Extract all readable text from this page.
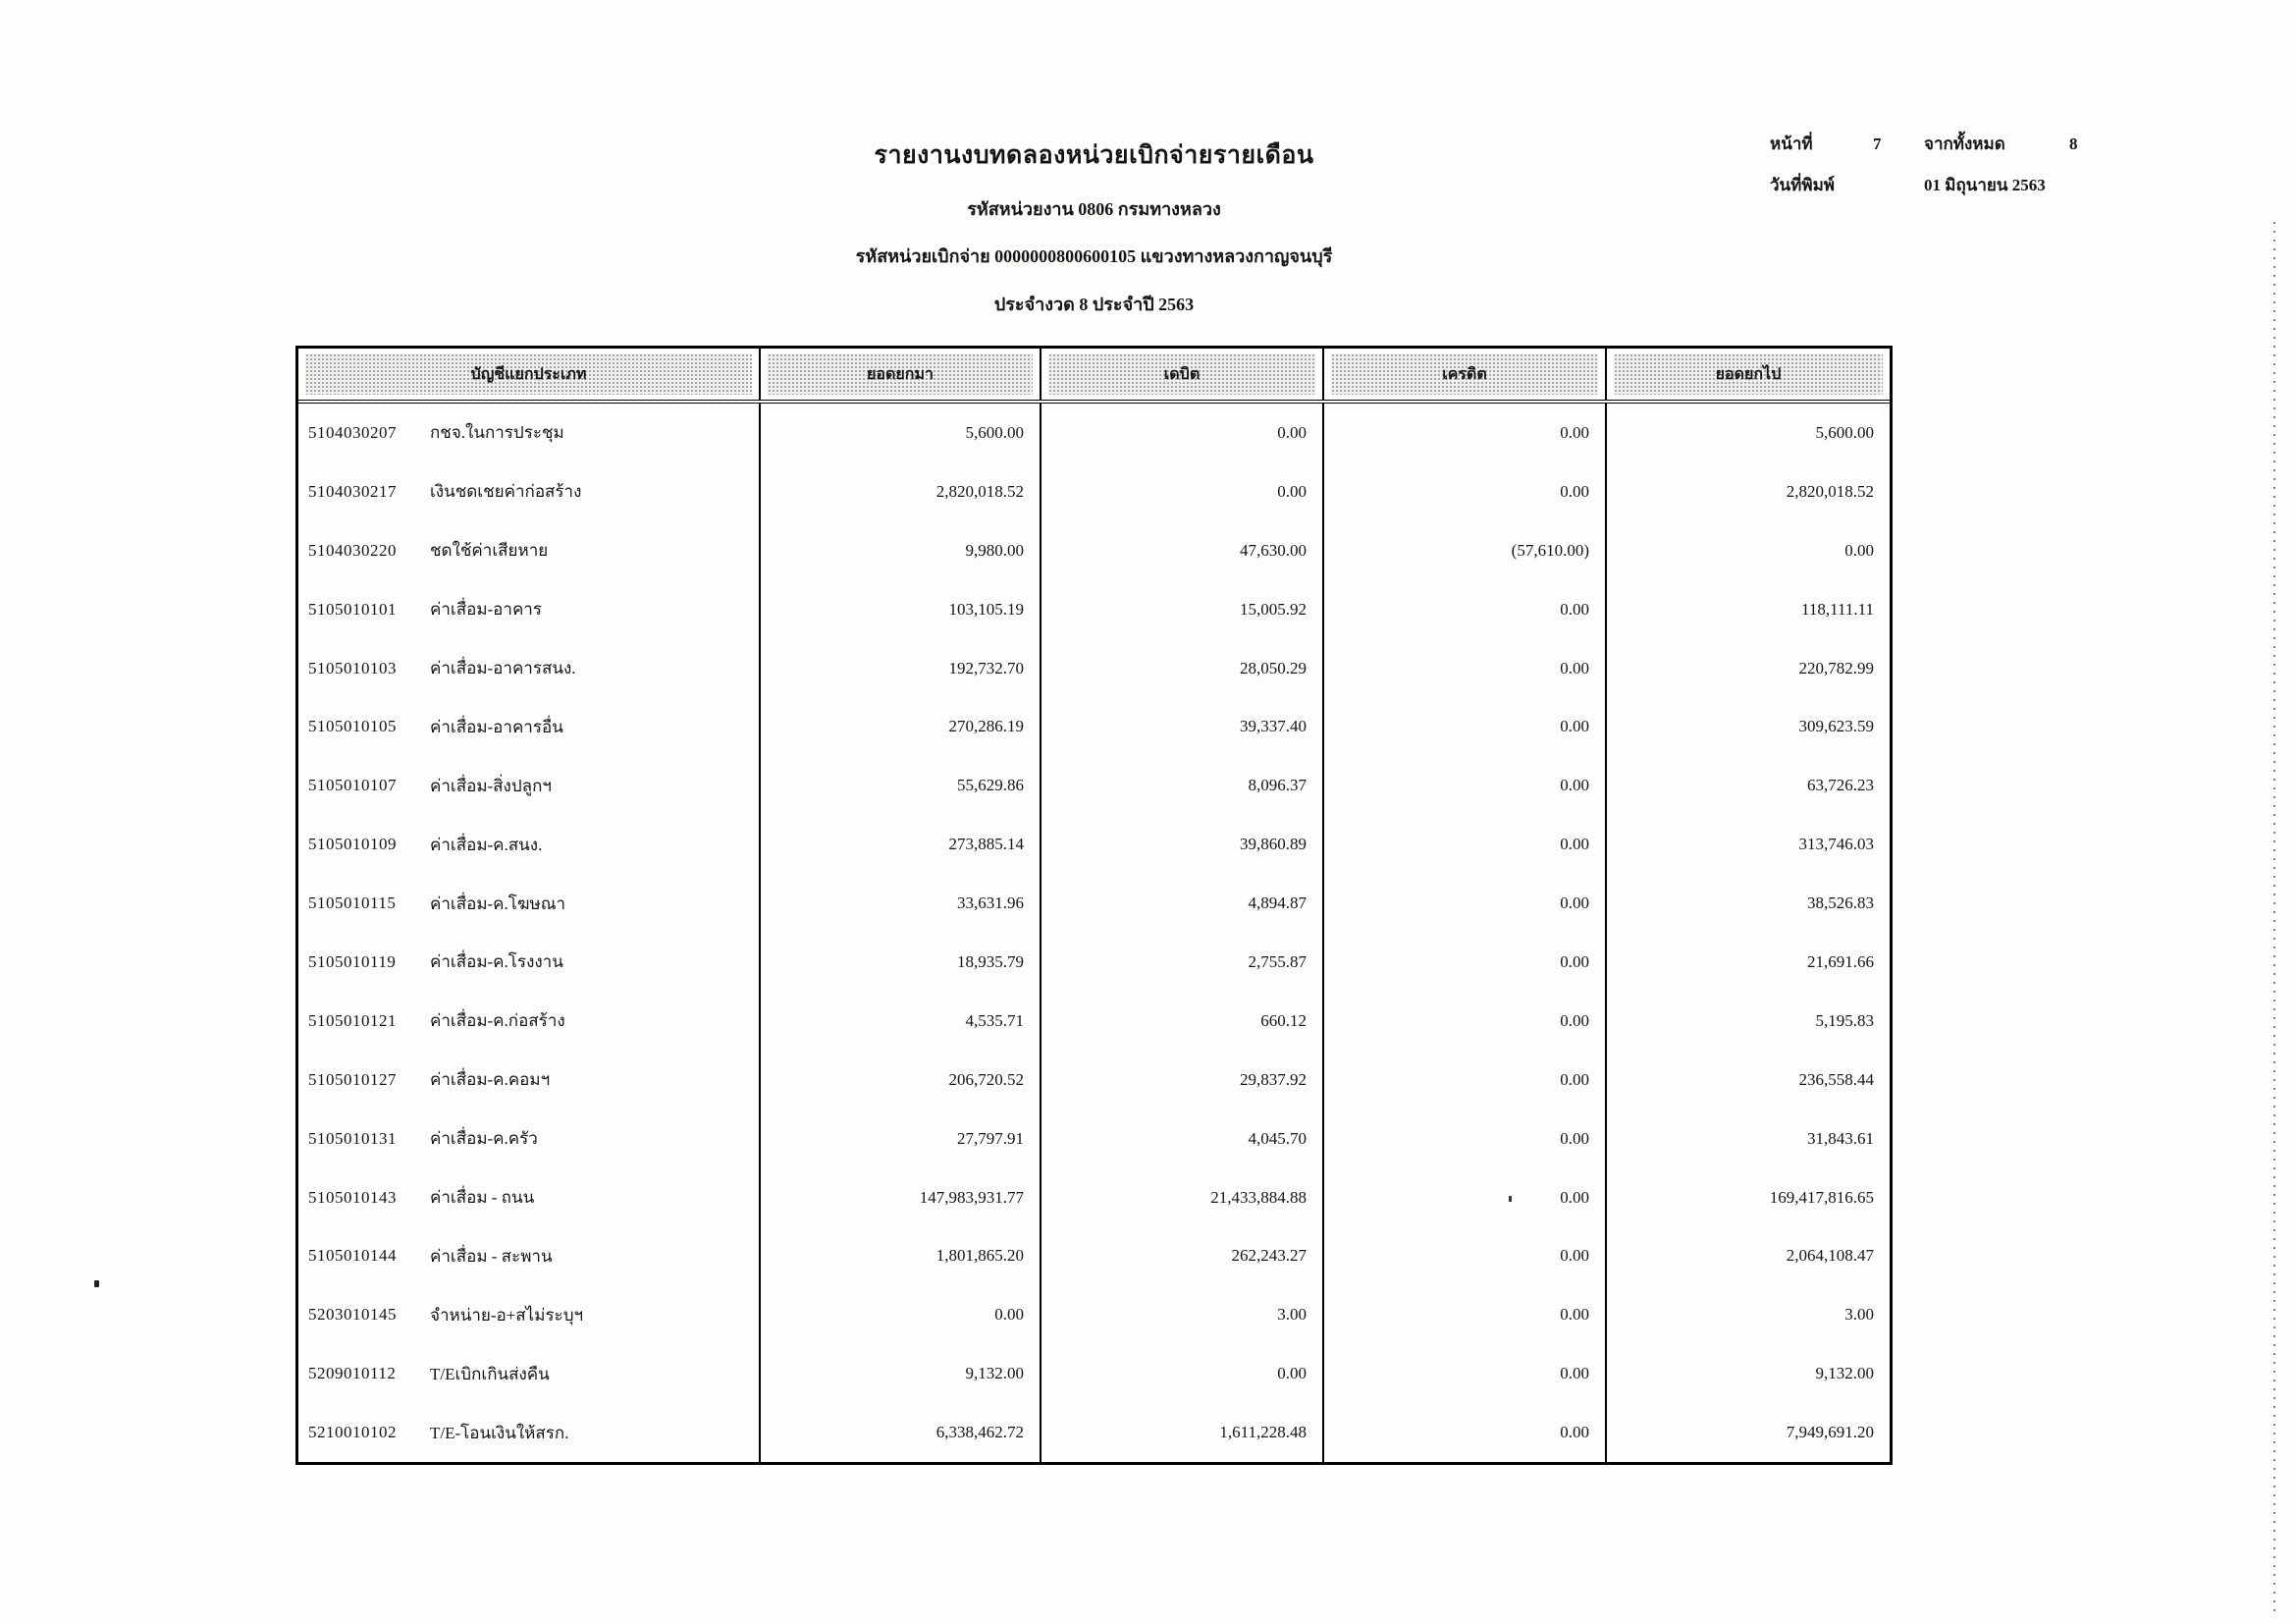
รายงานงบทดลองหน่วยเบิกจ่ายรายเดือน
รหัสหน่วยงาน 0806 กรมทางหลวง
รหัสหน่วยเบิกจ่าย 0000000800600105 แขวงทางหลวงกาญจนบุรี
ประจำงวด 8 ประจำปี 2563
หน้าที่	7	จากทั้งหมด	8
วันที่พิมพ์	01 มิถุนายน 2563
บัญชีแยกประเภท	ยอดยกมา	เดบิต	เครดิต	ยอดยกไป
5104030207	กชจ.ในการประชุม	5,600.00	0.00	0.00	5,600.00
5104030217	เงินชดเชยค่าก่อสร้าง	2,820,018.52	0.00	0.00	2,820,018.52
5104030220	ชดใช้ค่าเสียหาย	9,980.00	47,630.00	(57,610.00)	0.00
5105010101	ค่าเสื่อม-อาคาร	103,105.19	15,005.92	0.00	118,111.11
5105010103	ค่าเสื่อม-อาคารสนง.	192,732.70	28,050.29	0.00	220,782.99
5105010105	ค่าเสื่อม-อาคารอื่น	270,286.19	39,337.40	0.00	309,623.59
5105010107	ค่าเสื่อม-สิ่งปลูกฯ	55,629.86	8,096.37	0.00	63,726.23
5105010109	ค่าเสื่อม-ค.สนง.	273,885.14	39,860.89	0.00	313,746.03
5105010115	ค่าเสื่อม-ค.โฆษณา	33,631.96	4,894.87	0.00	38,526.83
5105010119	ค่าเสื่อม-ค.โรงงาน	18,935.79	2,755.87	0.00	21,691.66
5105010121	ค่าเสื่อม-ค.ก่อสร้าง	4,535.71	660.12	0.00	5,195.83
5105010127	ค่าเสื่อม-ค.คอมฯ	206,720.52	29,837.92	0.00	236,558.44
5105010131	ค่าเสื่อม-ค.ครัว	27,797.91	4,045.70	0.00	31,843.61
5105010143	ค่าเสื่อม - ถนน	147,983,931.77	21,433,884.88	0.00	169,417,816.65
5105010144	ค่าเสื่อม - สะพาน	1,801,865.20	262,243.27	0.00	2,064,108.47
5203010145	จำหน่าย-อ+สไม่ระบุฯ	0.00	3.00	0.00	3.00
5209010112	T/Eเบิกเกินส่งคืน	9,132.00	0.00	0.00	9,132.00
5210010102	T/E-โอนเงินให้สรก.	6,338,462.72	1,611,228.48	0.00	7,949,691.20
